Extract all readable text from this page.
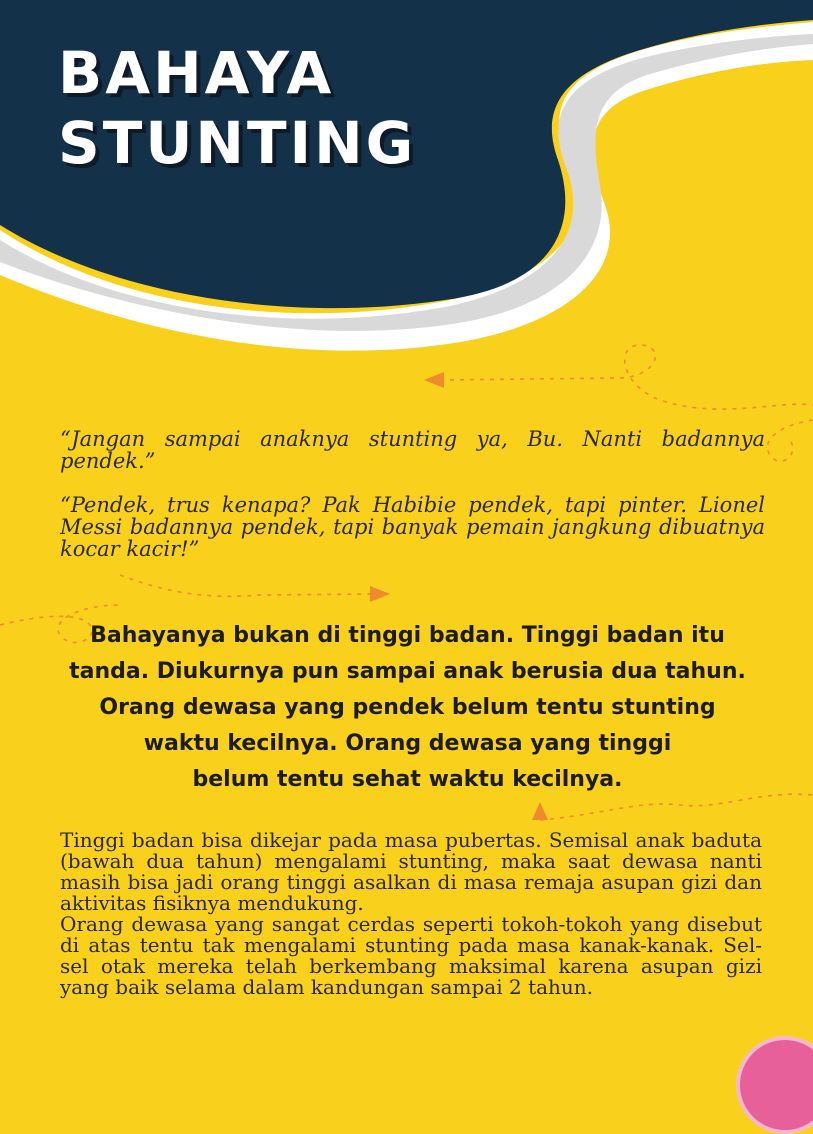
BAHAYA
STUNTING
“Jangan sampai anaknya stunting ya, Bu. Nanti badannya pendek.”
“Pendek, trus kenapa? Pak Habibie pendek, tapi pinter. Lionel Messi badannya pendek, tapi banyak pemain jangkung dibuatnya kocar kacir!”
Bahayanya bukan di tinggi badan. Tinggi badan itu
tanda. Diukurnya pun sampai anak berusia dua tahun.
Orang dewasa yang pendek belum tentu stunting
waktu kecilnya. Orang dewasa yang tinggi
belum tentu sehat waktu kecilnya.

Tinggi badan bisa dikejar pada masa pubertas. Semisal anak baduta (bawah dua tahun) mengalami stunting, maka saat dewasa nanti masih bisa jadi orang tinggi asalkan di masa remaja asupan gizi dan aktivitas fisiknya mendukung.

Orang dewasa yang sangat cerdas seperti tokoh-tokoh yang disebut di atas tentu tak mengalami stunting pada masa kanak-kanak. Sel-sel otak mereka telah berkembang maksimal karena asupan gizi yang baik selama dalam kandungan sampai 2 tahun.
